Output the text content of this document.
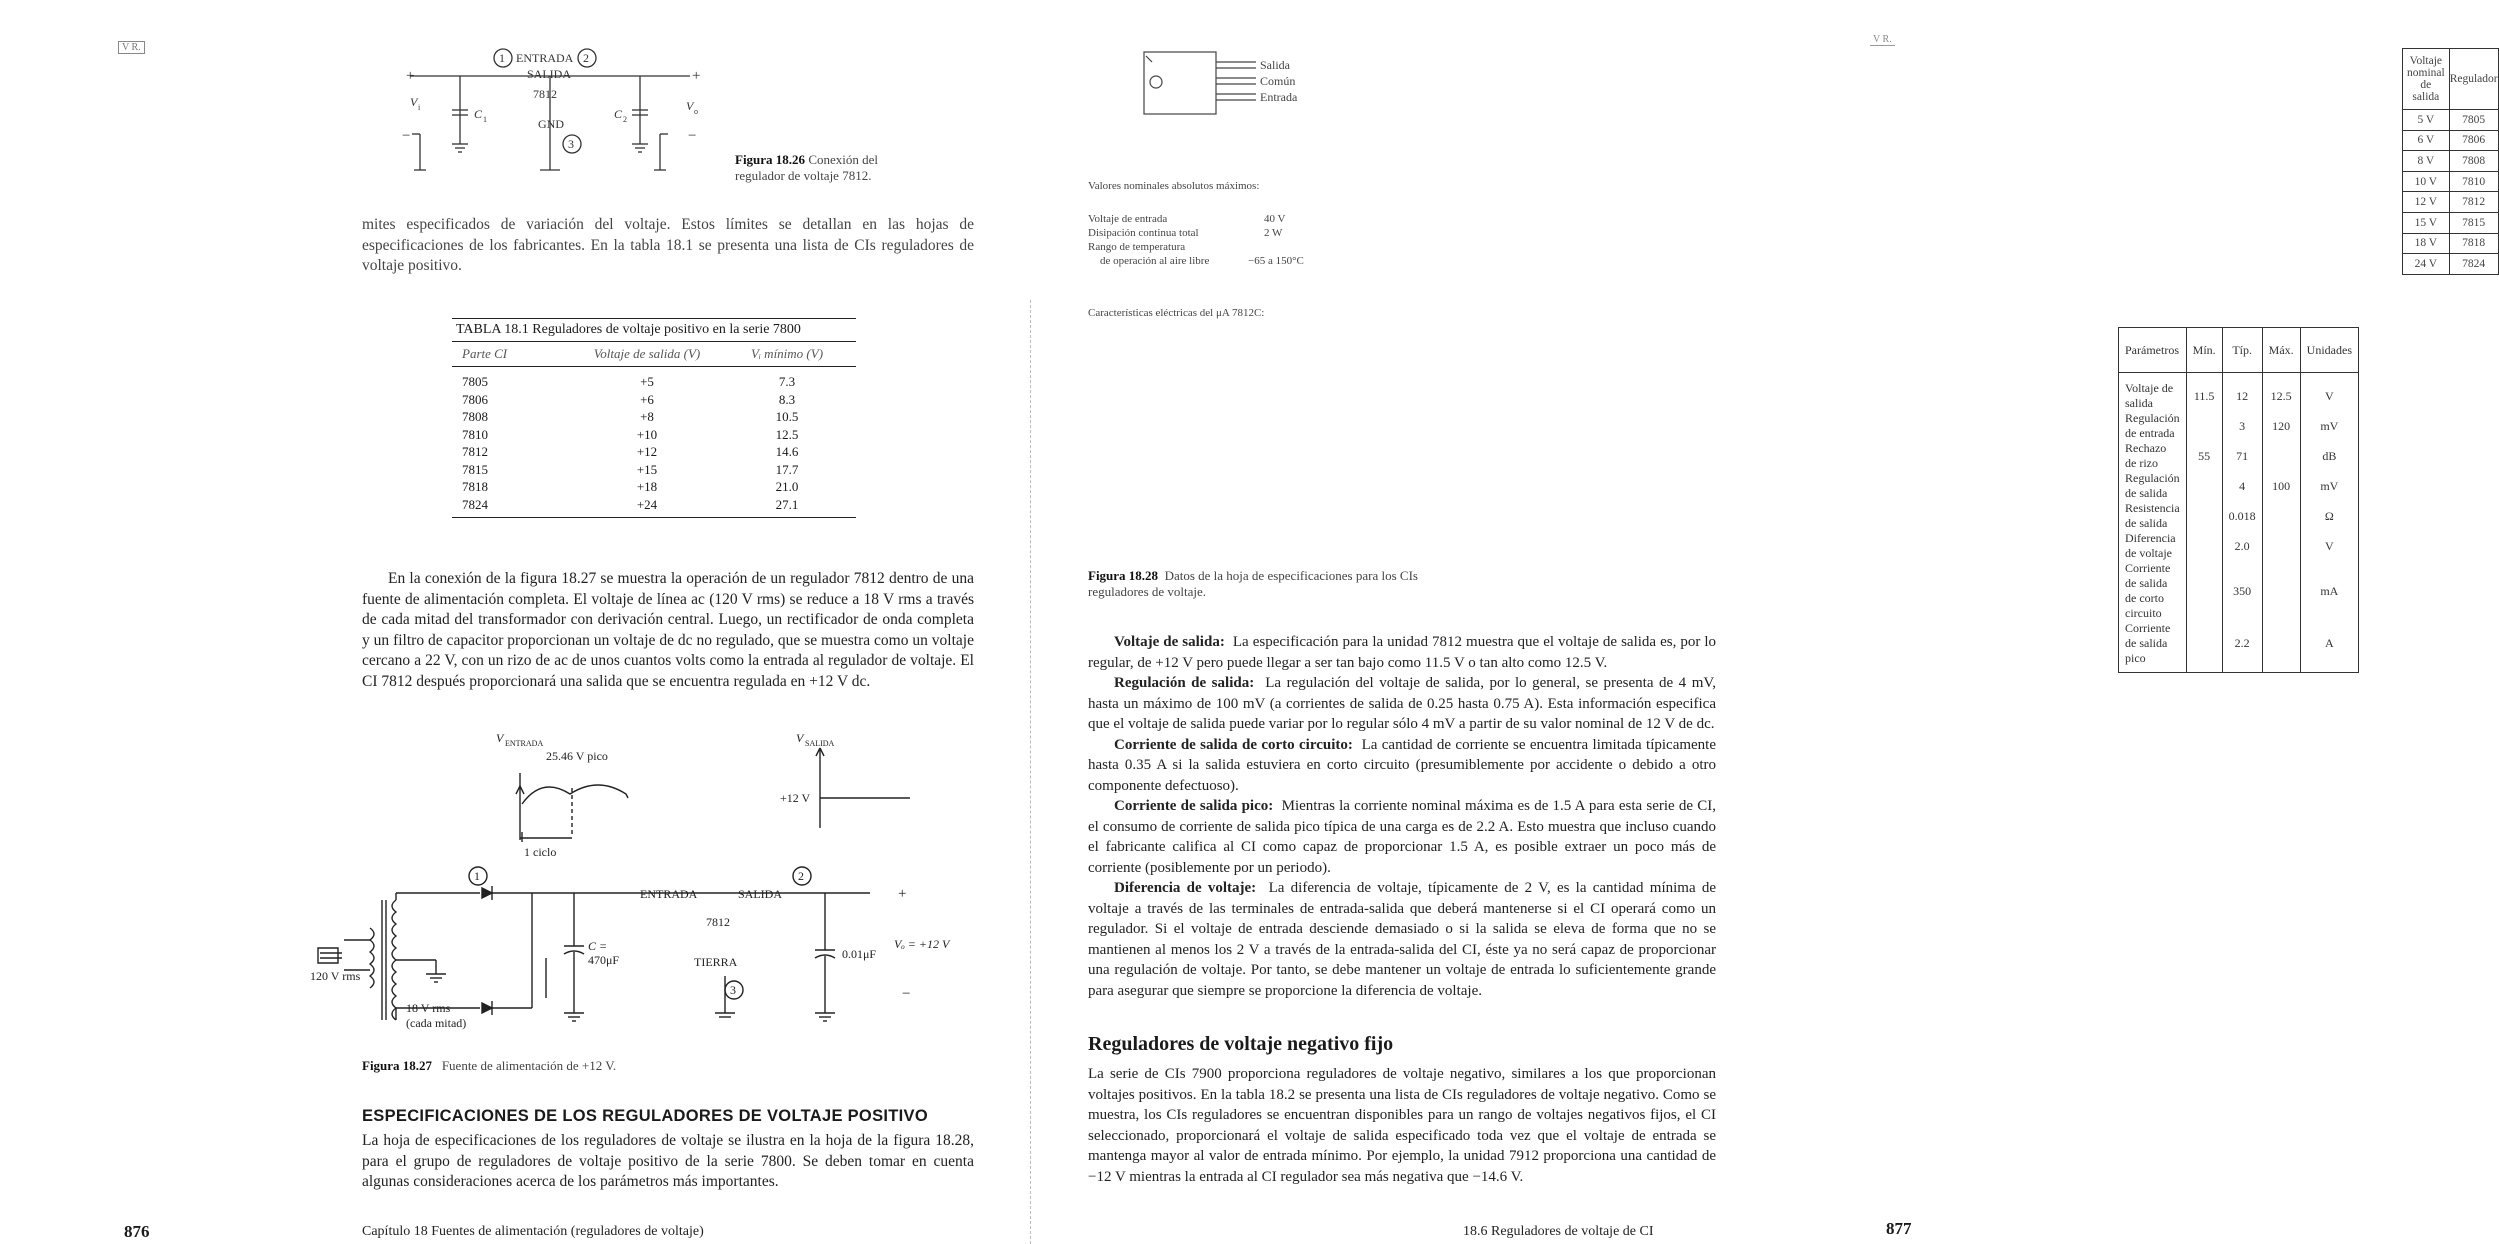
V R.
1 ENTRADA 2
SALIDA
7812
GND
3
+	+
V i	C 1	C 2
V o
−	−
Figura 18.26 Conexión del
regulador de voltaje 7812.

mites especificados de variación del voltaje. Estos límites se detallan en las hojas de especificaciones de los fabricantes. En la tabla 18.1 se presenta una lista de CIs reguladores de voltaje positivo.

TABLA 18.1 Reguladores de voltaje positivo en la serie 7800
Parte CI	Voltaje de salida (V)	Vᵢ mínimo (V)
7805	+5	7.3
7806	+6	8.3
7808	+8	10.5
7810	+10	12.5
7812	+12	14.6
7815	+15	17.7
7818	+18	21.0
7824	+24	27.1

En la conexión de la figura 18.27 se muestra la operación de un regulador 7812 dentro de una fuente de alimentación completa. El voltaje de línea ac (120 V rms) se reduce a 18 V rms a través de cada mitad del transformador con derivación central. Luego, un rectificador de onda completa y un filtro de capacitor proporcionan un voltaje de dc no regulado, que se muestra como un voltaje cercano a 22 V, con un rizo de ac de unos cuantos volts como la entrada al regulador de voltaje. El CI 7812 después proporcionará una salida que se encuentra regulada en +12 V dc.

V ENTRADA
25.46 V pico
1 ciclo
V SALIDA
+12 V
1
ENTRADA	SALIDA
2
7812
TIERRA
3
C =
470μF	0.01μF
Vₒ = +12 V
120 V rms
18 V rms
(cada mitad)
+
−
Figura 18.27 Fuente de alimentación de +12 V.
ESPECIFICACIONES DE LOS REGULADORES DE VOLTAJE POSITIVO

La hoja de especificaciones de los reguladores de voltaje se ilustra en la hoja de la figura 18.28, para el grupo de reguladores de voltaje positivo de la serie 7800. Se deben tomar en cuenta algunas consideraciones acerca de los parámetros más importantes.

876	Capítulo 18 Fuentes de alimentación (reguladores de voltaje)
Salida
Común
Entrada
Voltaje nominal de salida	Regulador
5 V	7805
6 V	7806
8 V	7808
10 V	7810
12 V	7812
15 V	7815
18 V	7818
24 V	7824
Valores nominales absolutos máximos:
Voltaje de entrada	40 V
Disipación continua total	2 W
Rango de temperatura
de operación al aire libre	−65 a 150°C
Características eléctricas del μA 7812C:
Parámetros	Mín.	Típ.	Máx.	Unidades
Voltaje de salida	11.5	12	12.5	V
Regulación de entrada		3	120	mV
Rechazo de rizo	55	71		dB
Regulación de salida		4	100	mV
Resistencia de salida		0.018		Ω
Diferencia de voltaje		2.0		V
Corriente de salida de corto circuito		350		mA
Corriente de salida pico		2.2		A
Figura 18.28 Datos de la hoja de especificaciones para los CIs
reguladores de voltaje.

Voltaje de salida: La especificación para la unidad 7812 muestra que el voltaje de salida es, por lo regular, de +12 V pero puede llegar a ser tan bajo como 11.5 V o tan alto como 12.5 V.

Regulación de salida: La regulación del voltaje de salida, por lo general, se presenta de 4 mV, hasta un máximo de 100 mV (a corrientes de salida de 0.25 hasta 0.75 A). Esta información especifica que el voltaje de salida puede variar por lo regular sólo 4 mV a partir de su valor nominal de 12 V de dc.

Corriente de salida de corto circuito: La cantidad de corriente se encuentra limitada típicamente hasta 0.35 A si la salida estuviera en corto circuito (presumiblemente por accidente o debido a otro componente defectuoso).

Corriente de salida pico: Mientras la corriente nominal máxima es de 1.5 A para esta serie de CI, el consumo de corriente de salida pico típica de una carga es de 2.2 A. Esto muestra que incluso cuando el fabricante califica al CI como capaz de proporcionar 1.5 A, es posible extraer un poco más de corriente (posiblemente por un periodo).

Diferencia de voltaje: La diferencia de voltaje, típicamente de 2 V, es la cantidad mínima de voltaje a través de las terminales de entrada-salida que deberá mantenerse si el CI operará como un regulador. Si el voltaje de entrada desciende demasiado o si la salida se eleva de forma que no se mantienen al menos los 2 V a través de la entrada-salida del CI, éste ya no será capaz de proporcionar una regulación de voltaje. Por tanto, se debe mantener un voltaje de entrada lo suficientemente grande para asegurar que siempre se proporcione la diferencia de voltaje.

Reguladores de voltaje negativo fijo

La serie de CIs 7900 proporciona reguladores de voltaje negativo, similares a los que proporcionan voltajes positivos. En la tabla 18.2 se presenta una lista de CIs reguladores de voltaje negativo. Como se muestra, los CIs reguladores se encuentran disponibles para un rango de voltajes negativos fijos, el CI seleccionado, proporcionará el voltaje de salida especificado toda vez que el voltaje de entrada se mantenga mayor al valor de entrada mínimo. Por ejemplo, la unidad 7912 proporciona una cantidad de −12 V mientras la entrada al CI regulador sea más negativa que −14.6 V.

18.6 Reguladores de voltaje de CI	877
V R.
